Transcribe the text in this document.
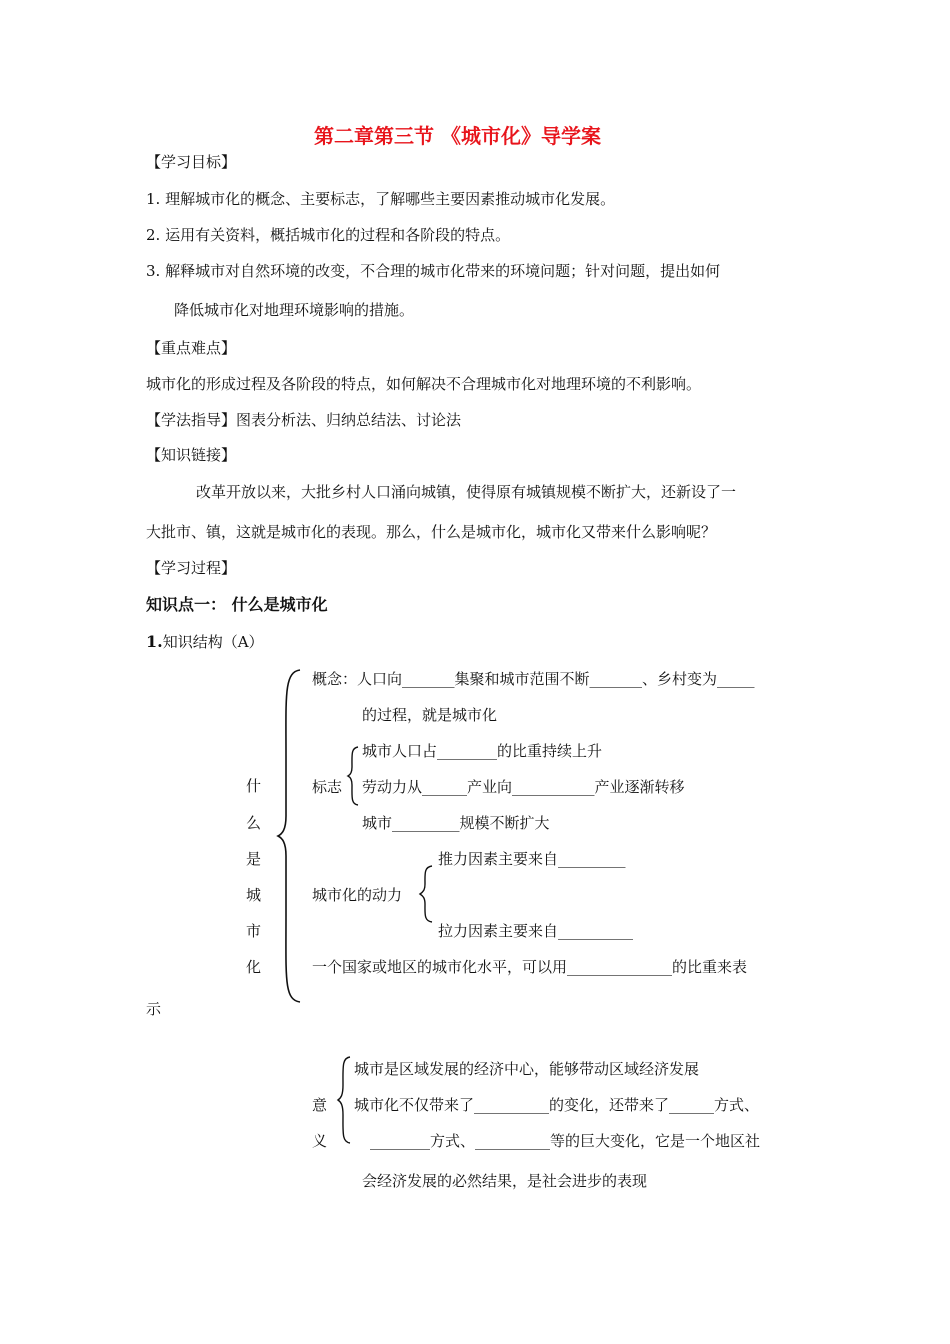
第二章第三节 《城市化》导学案
【学习目标】
1. 理解城市化的概念、主要标志，了解哪些主要因素推动城市化发展。
2. 运用有关资料，概括城市化的过程和各阶段的特点。
3. 解释城市对自然环境的改变，不合理的城市化带来的环境问题；针对问题，提出如何
降低城市化对地理环境影响的措施。
【重点难点】
城市化的形成过程及各阶段的特点，如何解决不合理城市化对地理环境的不利影响。
【学法指导】图表分析法、归纳总结法、讨论法
【知识链接】
改革开放以来，大批乡村人口涌向城镇，使得原有城镇规模不断扩大，还新设了一
大批市、镇，这就是城市化的表现。那么，什么是城市化，城市化又带来什么影响呢？
【学习过程】
知识点一： 什么是城市化
1.知识结构（A）
什
么
是
城
市
化
概念：人口向_______集聚和城市范围不断_______、乡村变为_____
的过程，就是城市化
标志
城市人口占________的比重持续上升
劳动力从______产业向___________产业逐渐转移
城市_________规模不断扩大
城市化的动力
推力因素主要来自_________
拉力因素主要来自__________
一个国家或地区的城市化水平，可以用______________的比重来表
示
意
义
城市是区域发展的经济中心，能够带动区域经济发展
城市化不仅带来了__________的变化，还带来了______方式、
________方式、__________等的巨大变化，它是一个地区社
会经济发展的必然结果，是社会进步的表现
